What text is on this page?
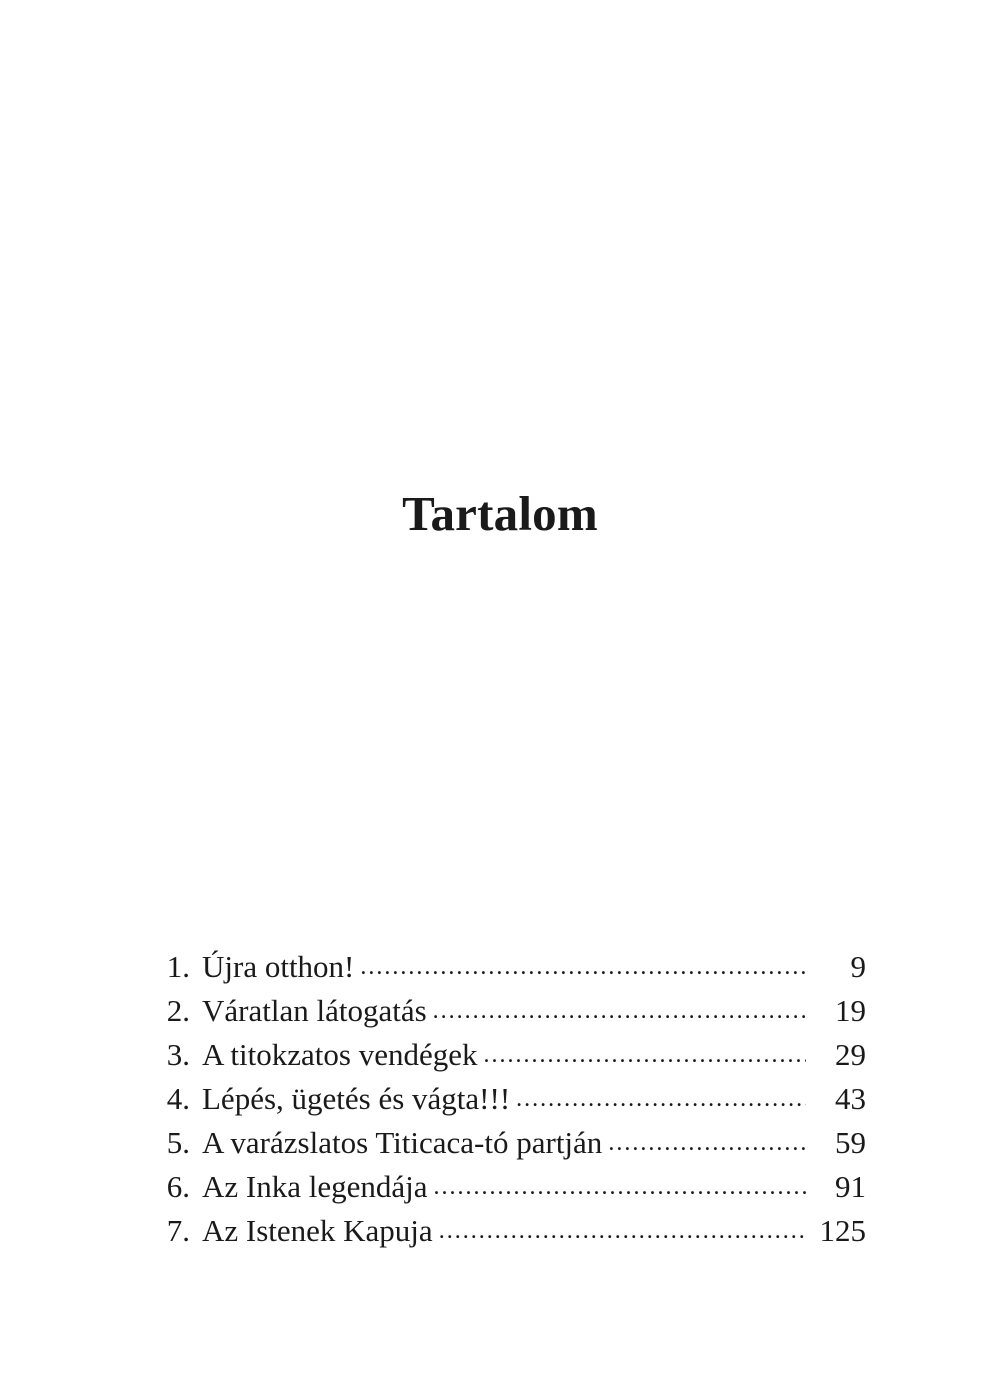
Tartalom
1. Újra otthon! .....	9
2. Váratlan látogatás .....	19
3. A titokzatos vendégek .....	29
4. Lépés, ügetés és vágta!!! .....	43
5. A varázslatos Titicaca-tó partján .....	59
6. Az Inka legendája .....	91
7. Az Istenek Kapuja .....	125
